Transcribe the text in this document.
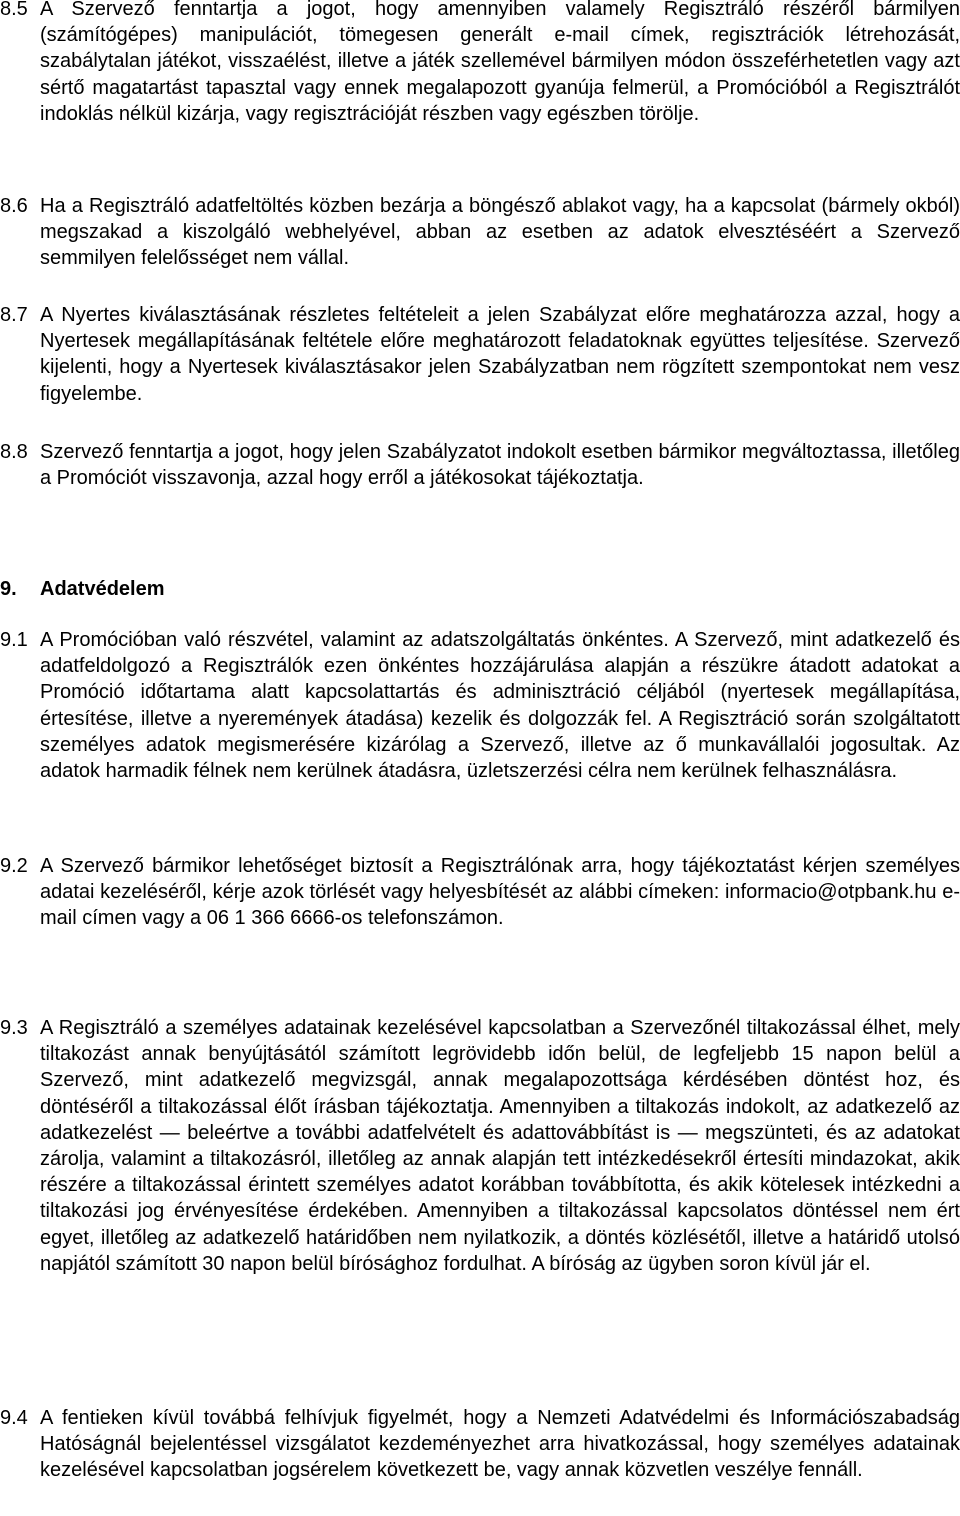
8.5 A Szervező fenntartja a jogot, hogy amennyiben valamely Regisztráló részéről bármilyen (számítógépes) manipulációt, tömegesen generált e-mail címek, regisztrációk létrehozását, szabálytalan játékot, visszaélést, illetve a játék szellemével bármilyen módon összeférhetetlen vagy azt sértő magatartást tapasztal vagy ennek megalapozott gyanúja felmerül, a Promócióból a Regisztrálót indoklás nélkül kizárja, vagy regisztrációját részben vagy egészben törölje.
8.6 Ha a Regisztráló adatfeltöltés közben bezárja a böngésző ablakot vagy, ha a kapcsolat (bármely okból) megszakad a kiszolgáló webhelyével, abban az esetben az adatok elvesztéséért a Szervező semmilyen felelősséget nem vállal.
8.7 A Nyertes kiválasztásának részletes feltételeit a jelen Szabályzat előre meghatározza azzal, hogy a Nyertesek megállapításának feltétele előre meghatározott feladatoknak együttes teljesítése. Szervező kijelenti, hogy a Nyertesek kiválasztásakor jelen Szabályzatban nem rögzített szempontokat nem vesz figyelembe.
8.8 Szervező fenntartja a jogot, hogy jelen Szabályzatot indokolt esetben bármikor megváltoztassa, illetőleg a Promóciót visszavonja, azzal hogy erről a játékosokat tájékoztatja.
9. Adatvédelem
9.1 A Promócióban való részvétel, valamint az adatszolgáltatás önkéntes. A Szervező, mint adatkezelő és adatfeldolgozó a Regisztrálók ezen önkéntes hozzájárulása alapján a részükre átadott adatokat a Promóció időtartama alatt kapcsolattartás és adminisztráció céljából (nyertesek megállapítása, értesítése, illetve a nyeremények átadása) kezelik és dolgozzák fel. A Regisztráció során szolgáltatott személyes adatok megismerésére kizárólag a Szervező, illetve az ő munkavállalói jogosultak. Az adatok harmadik félnek nem kerülnek átadásra, üzletszerzési célra nem kerülnek felhasználásra.
9.2 A Szervező bármikor lehetőséget biztosít a Regisztrálónak arra, hogy tájékoztatást kérjen személyes adatai kezeléséről, kérje azok törlését vagy helyesbítését az alábbi címeken: informacio@otpbank.hu e-mail címen vagy a 06 1 366 6666-os telefonszámon.
9.3 A Regisztráló a személyes adatainak kezelésével kapcsolatban a Szervezőnél tiltakozással élhet, mely tiltakozást annak benyújtásától számított legrövidebb időn belül, de legfeljebb 15 napon belül a Szervező, mint adatkezelő megvizsgál, annak megalapozottsága kérdésében döntést hoz, és döntéséről a tiltakozással élőt írásban tájékoztatja. Amennyiben a tiltakozás indokolt, az adatkezelő az adatkezelést — beleértve a további adatfelvételt és adattovábbítást is — megszünteti, és az adatokat zárolja, valamint a tiltakozásról, illetőleg az annak alapján tett intézkedésekről értesíti mindazokat, akik részére a tiltakozással érintett személyes adatot korábban továbbította, és akik kötelesek intézkedni a tiltakozási jog érvényesítése érdekében. Amennyiben a tiltakozással kapcsolatos döntéssel nem ért egyet, illetőleg az adatkezelő határidőben nem nyilatkozik, a döntés közlésétől, illetve a határidő utolsó napjától számított 30 napon belül bírósághoz fordulhat. A bíróság az ügyben soron kívül jár el.
9.4 A fentieken kívül továbbá felhívjuk figyelmét, hogy a Nemzeti Adatvédelmi és Információszabadság Hatóságnál bejelentéssel vizsgálatot kezdeményezhet arra hivatkozással, hogy személyes adatainak kezelésével kapcsolatban jogsérelem következett be, vagy annak közvetlen veszélye fennáll.
